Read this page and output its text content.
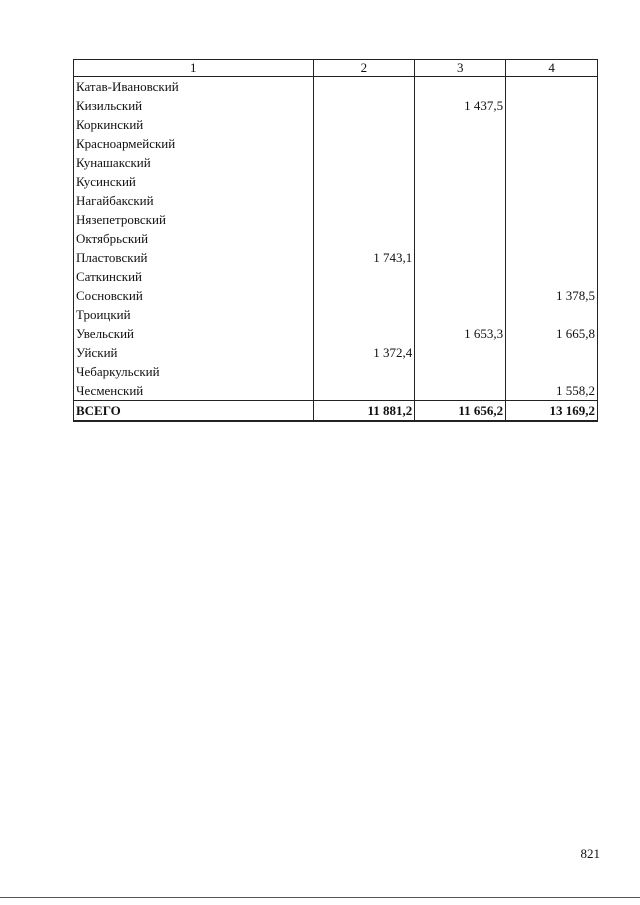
1	2	3	4
Катав-Ивановский			
Кизильский		1 437,5	
Коркинский			
Красноармейский			
Кунашакский			
Кусинский			
Нагайбакский			
Нязепетровский			
Октябрьский			
Пластовский	1 743,1		
Саткинский			
Сосновский			1 378,5
Троицкий			
Увельский		1 653,3	1 665,8
Уйский	1 372,4		
Чебаркульский			
Чесменский			1 558,2
ВСЕГО	11 881,2	11 656,2	13 169,2
821
